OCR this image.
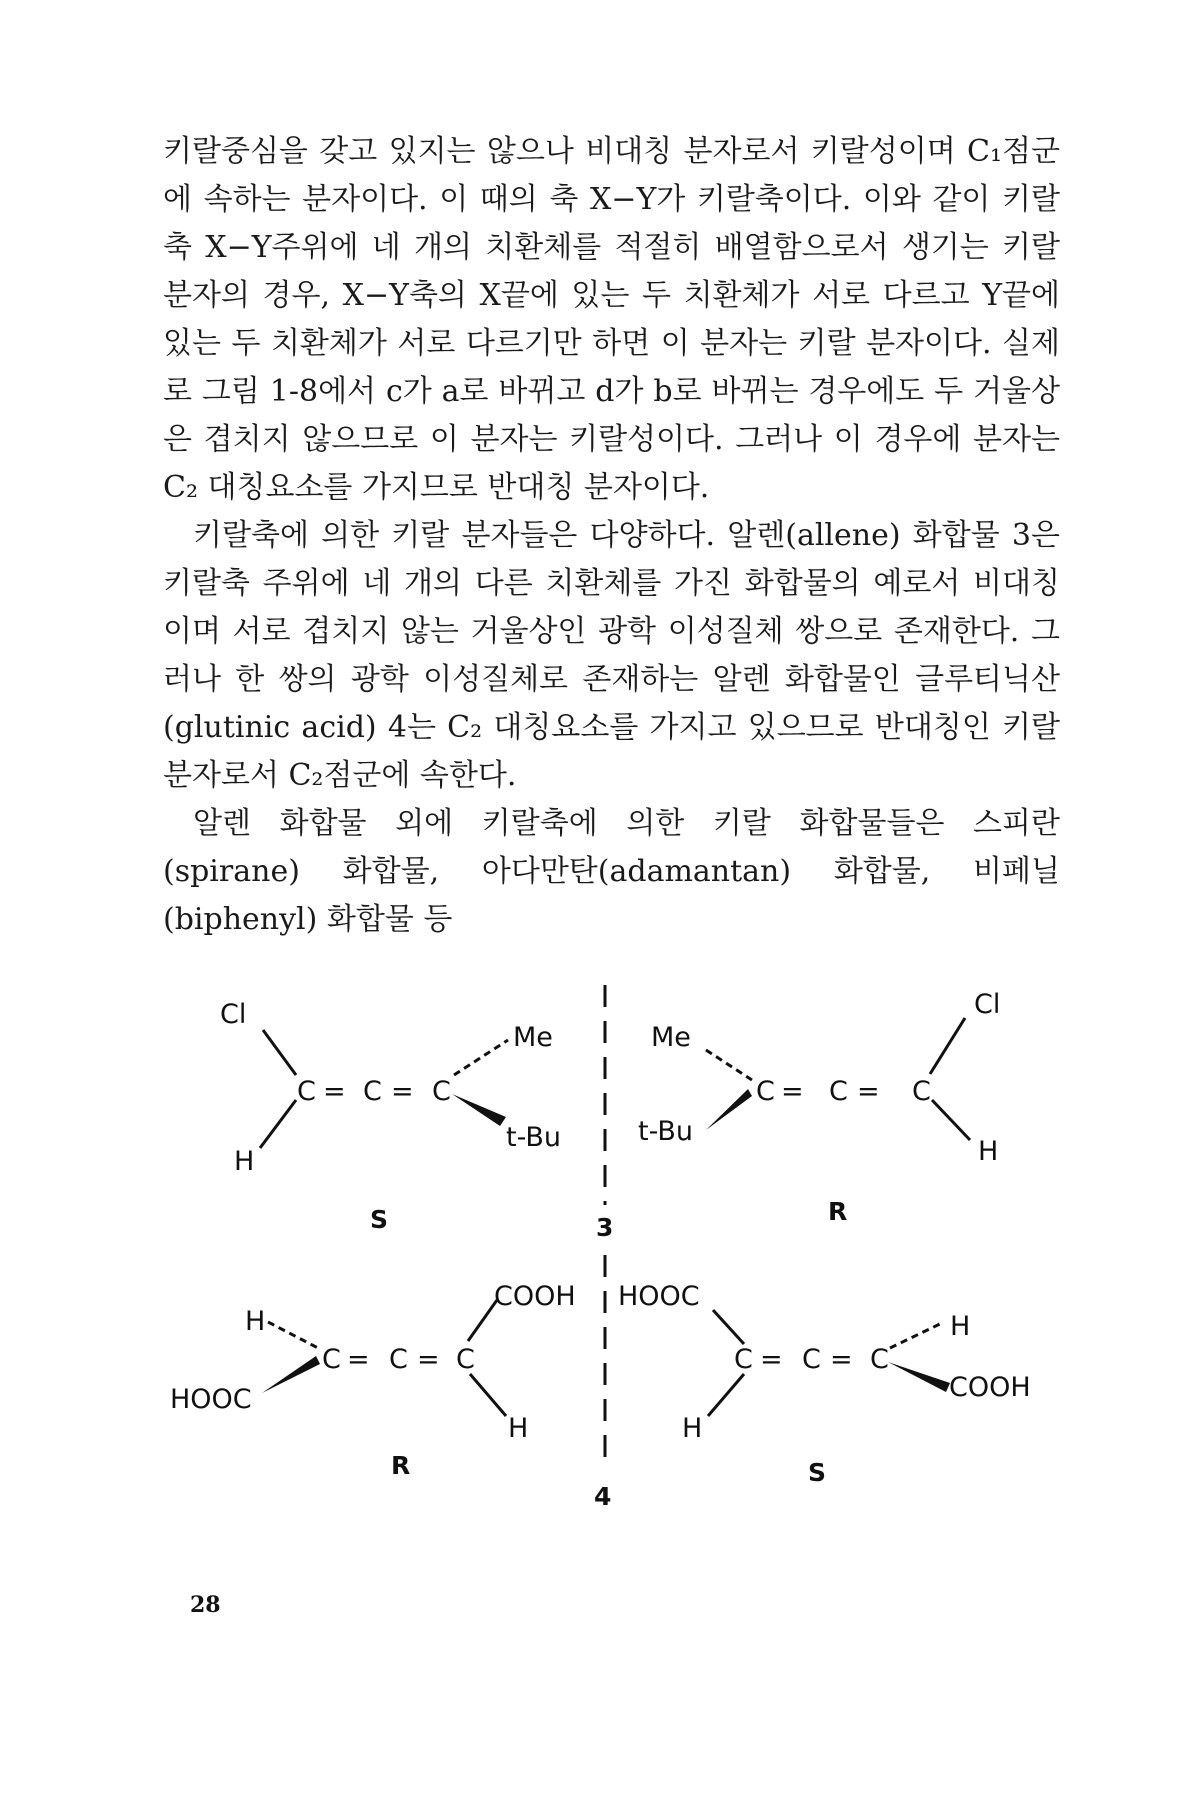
키랄중심을 갖고 있지는 않으나 비대칭 분자로서 키랄성이며 C₁점군에 속하는 분자이다. 이 때의 축 X−Y가 키랄축이다. 이와 같이 키랄축 X−Y주위에 네 개의 치환체를 적절히 배열함으로서 생기는 키랄 분자의 경우, X−Y축의 X끝에 있는 두 치환체가 서로 다르고 Y끝에 있는 두 치환체가 서로 다르기만 하면 이 분자는 키랄 분자이다. 실제로 그림 1-8에서 c가 a로 바뀌고 d가 b로 바뀌는 경우에도 두 거울상은 겹치지 않으므로 이 분자는 키랄성이다. 그러나 이 경우에 분자는 C₂ 대칭요소를 가지므로 반대칭 분자이다.

키랄축에 의한 키랄 분자들은 다양하다. 알렌(allene) 화합물 3은 키랄축 주위에 네 개의 다른 치환체를 가진 화합물의 예로서 비대칭이며 서로 겹치지 않는 거울상인 광학 이성질체 쌍으로 존재한다. 그러나 한 쌍의 광학 이성질체로 존재하는 알렌 화합물인 글루티닉산 (glutinic acid) 4는 C₂ 대칭요소를 가지고 있으므로 반대칭인 키랄분자로서 C₂점군에 속한다.

알렌 화합물 외에 키랄축에 의한 키랄 화합물들은 스피란(spirane) 화합물, 아다만탄(adamantan) 화합물, 비페닐(biphenyl) 화합물 등

Cl
H
C = C = C
Me
t-Bu
S	3
Cl
H
Me
t-Bu
C = C = C
R
H
HOOC
COOH
H
C = C = C
R
4
HOOC
H
H
COOH
C = C = C
S
28
